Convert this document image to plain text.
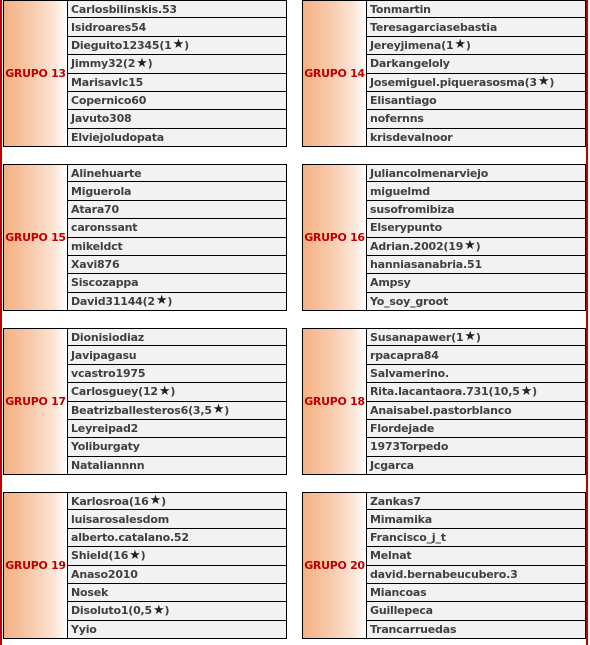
GRUPO 13
Carlosbilinskis.53
Isidroares54
Dieguito12345(1 ★ )
Jimmy32(2 ★ )
Marisavlc15
Copernico60
Javuto308
Elviejoludopata
GRUPO 14
Tonmartin
Teresagarciasebastia
Jereyjimena(1 ★ )
Darkangeloly
Josemiguel.piquerasosma(3 ★ )
Elisantiago
nofernns
krisdevalnoor
GRUPO 15
Alinehuarte
Miguerola
Atara70
caronssant
mikeldct
Xavi876
Siscozappa
David31144(2 ★ )
GRUPO 16
Juliancolmenarviejo
miguelmd
susofromibiza
Elserypunto
Adrian.2002(19 ★ )
hanniasanabria.51
Ampsy
Yo_soy_groot
GRUPO 17
Dionisiodiaz
Javipagasu
vcastro1975
Carlosguey(12 ★ )
Beatrizballesteros6(3,5 ★ )
Leyreipad2
Yoliburgaty
Nataliannnn
GRUPO 18
Susanapawer(1 ★ )
rpacapra84
Salvamerino.
Rita.lacantaora.731(10,5 ★ )
Anaisabel.pastorblanco
Flordejade
1973Torpedo
Jcgarca
GRUPO 19
Karlosroa(16 ★ )
luisarosalesdom
alberto.catalano.52
Shield(16 ★ )
Anaso2010
Nosek
Disoluto1(0,5 ★ )
Yyio
GRUPO 20
Zankas7
Mimamika
Francisco_j_t
Melnat
david.bernabeucubero.3
Miancoas
Guillepeca
Trancarruedas
